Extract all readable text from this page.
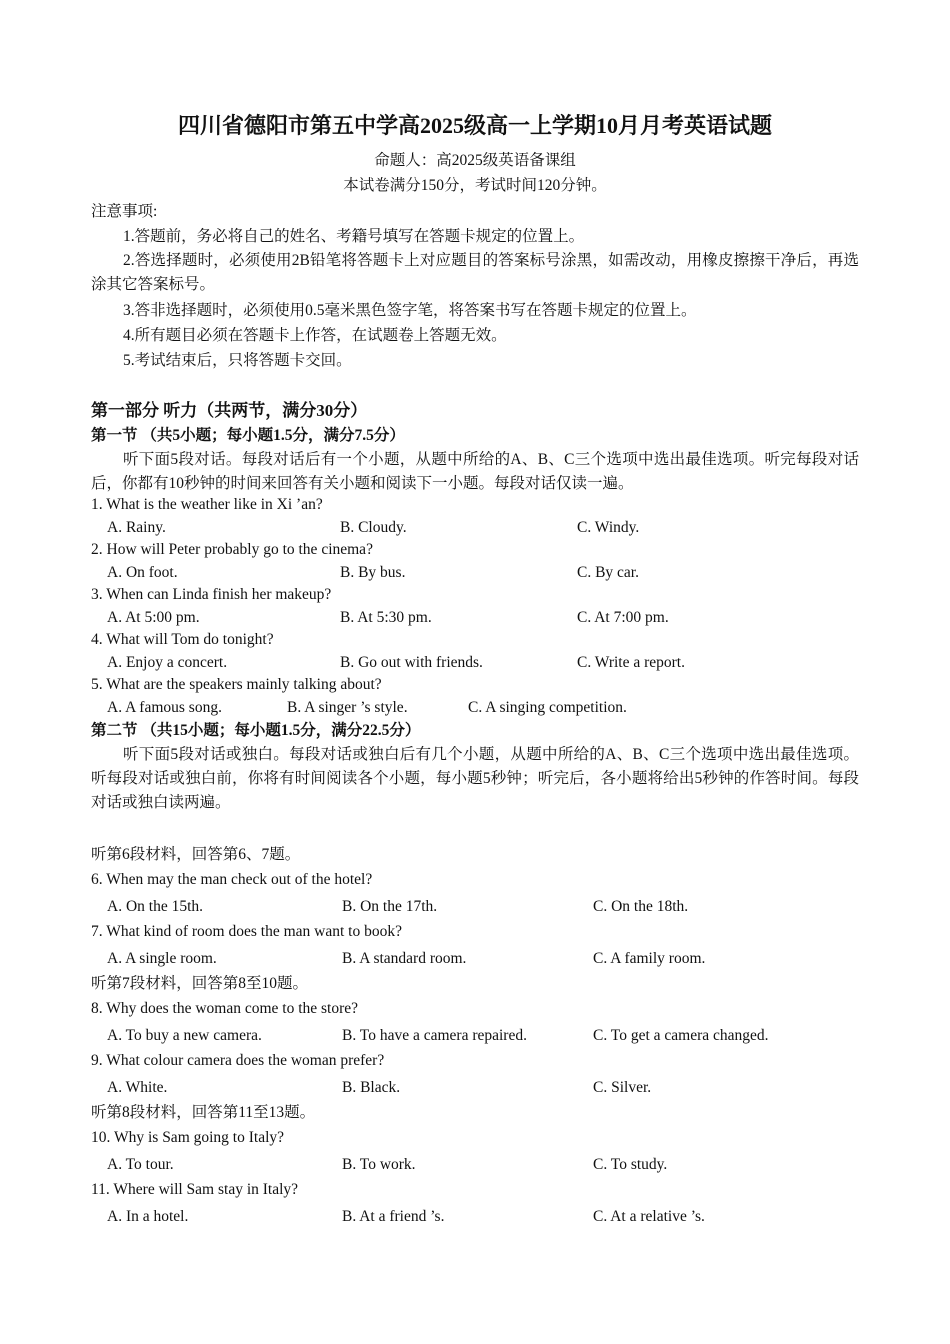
四川省德阳市第五中学高2025级高一上学期10月月考英语试题
命题人：高2025级英语备课组
本试卷满分150分，考试时间120分钟。
注意事项:
1.答题前，务必将自己的姓名、考籍号填写在答题卡规定的位置上。
2.答选择题时，必须使用2B铅笔将答题卡上对应题目的答案标号涂黑，如需改动，用橡皮擦擦干净后，再选涂其它答案标号。
3.答非选择题时，必须使用0.5毫米黑色签字笔，将答案书写在答题卡规定的位置上。
4.所有题目必须在答题卡上作答，在试题卷上答题无效。
5.考试结束后，只将答题卡交回。
第一部分 听力（共两节，满分30分）
第一节 （共5小题；每小题1.5分，满分7.5分）
听下面5段对话。每段对话后有一个小题，从题中所给的A、B、C三个选项中选出最佳选项。听完每段对话后，你都有10秒钟的时间来回答有关小题和阅读下一小题。每段对话仅读一遍。
1. What is the weather like in Xi ’an?
A. Rainy.	B. Cloudy.	C. Windy.
2. How will Peter probably go to the cinema?
A. On foot.	B. By bus.	C. By car.
3. When can Linda finish her makeup?
A. At 5:00 pm.	B. At 5:30 pm.	C. At 7:00 pm.
4. What will Tom do tonight?
A. Enjoy a concert.	B. Go out with friends.	C. Write a report.
5. What are the speakers mainly talking about?
A. A famous song.	B. A singer ’s style.	C. A singing competition.
第二节 （共15小题；每小题1.5分，满分22.5分）
听下面5段对话或独白。每段对话或独白后有几个小题，从题中所给的A、B、C三个选项中选出最佳选项。听每段对话或独白前，你将有时间阅读各个小题，每小题5秒钟；听完后，各小题将给出5秒钟的作答时间。每段对话或独白读两遍。
听第6段材料，回答第6、7题。
6. When may the man check out of the hotel?
A. On the 15th.	B. On the 17th.	C. On the 18th.
7. What kind of room does the man want to book?
A. A single room.	B. A standard room.	C. A family room.
听第7段材料，回答第8至10题。
8. Why does the woman come to the store?
A. To buy a new camera.	B. To have a camera repaired.	C. To get a camera changed.
9. What colour camera does the woman prefer?
A. White.	B. Black.	C. Silver.
听第8段材料，回答第11至13题。
10. Why is Sam going to Italy?
A. To tour.	B. To work.	C. To study.
11. Where will Sam stay in Italy?
A. In a hotel.	B. At a friend ’s.	C. At a relative ’s.
